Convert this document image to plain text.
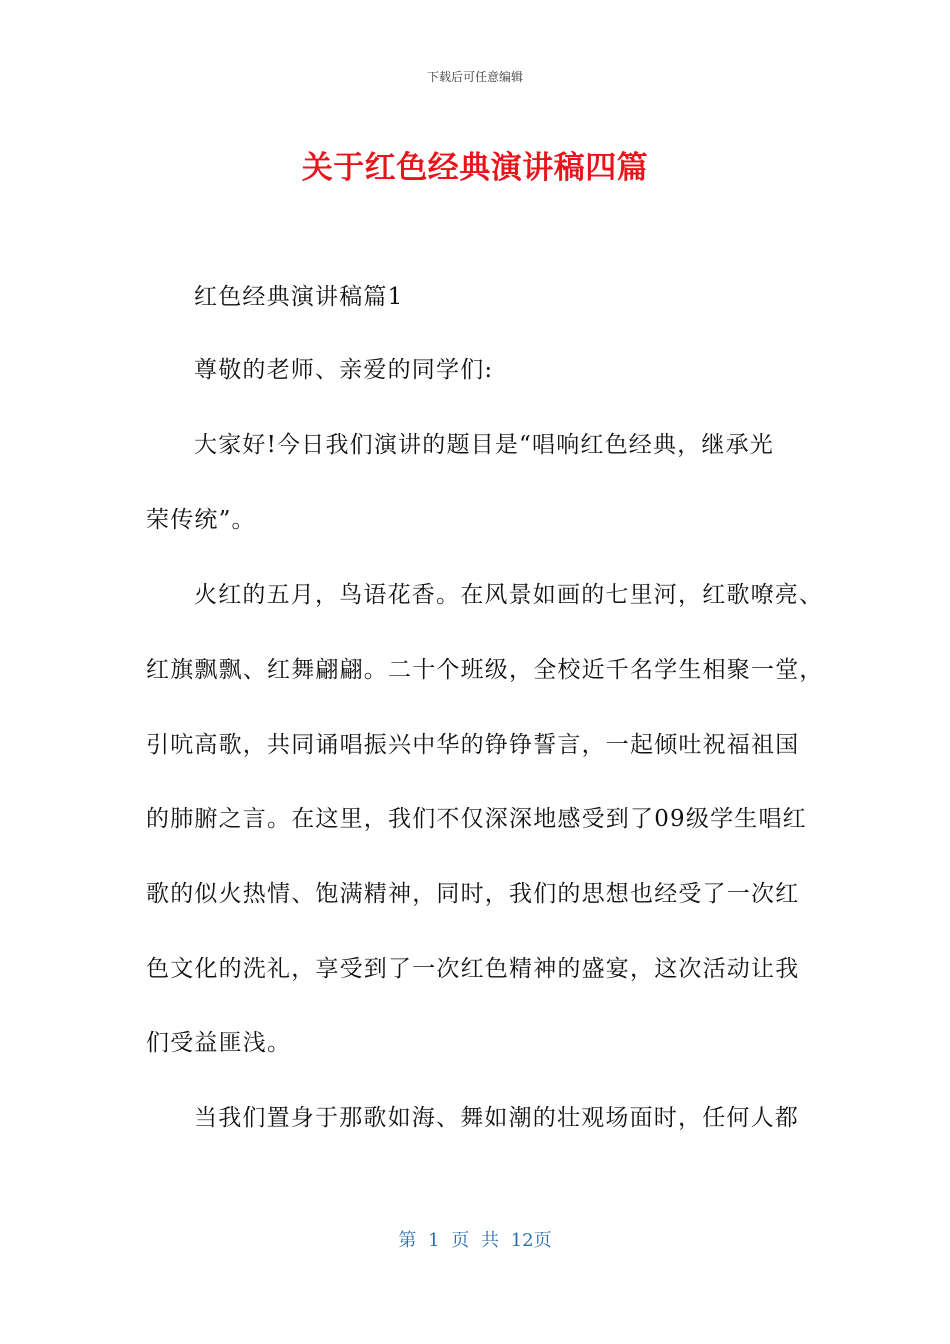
下载后可任意编辑
关于红色经典演讲稿四篇
红色经典演讲稿篇1
尊敬的老师、亲爱的同学们:
大家好!今日我们演讲的题目是“唱响红色经典，继承光
荣传统”。
火红的五月，鸟语花香。在风景如画的七里河，红歌嘹亮、
红旗飘飘、红舞翩翩。二十个班级，全校近千名学生相聚一堂，
引吭高歌，共同诵唱振兴中华的铮铮誓言，一起倾吐祝福祖国
的肺腑之言。在这里，我们不仅深深地感受到了09级学生唱红
歌的似火热情、饱满精神，同时，我们的思想也经受了一次红
色文化的洗礼，享受到了一次红色精神的盛宴，这次活动让我
们受益匪浅。
当我们置身于那歌如海、舞如潮的壮观场面时，任何人都
第 1 页 共 12页
